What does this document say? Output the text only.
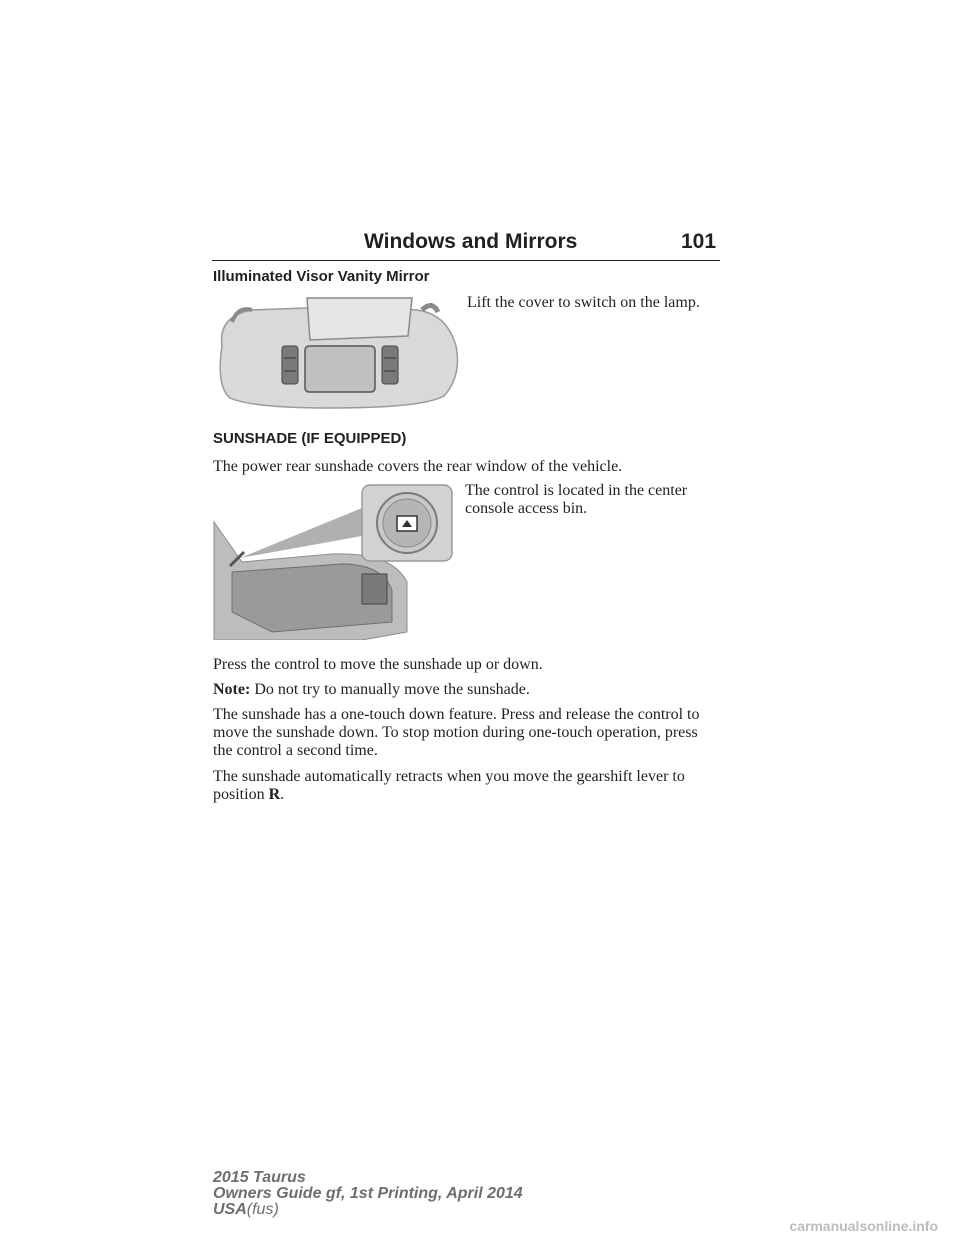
Windows and Mirrors	101
Illuminated Visor Vanity Mirror
Lift the cover to switch on the lamp.
SUNSHADE (IF EQUIPPED)
The power rear sunshade covers the rear window of the vehicle.
The control is located in the center console access bin.
Press the control to move the sunshade up or down.
Note: Do not try to manually move the sunshade.
The sunshade has a one-touch down feature. Press and release the control to move the sunshade down. To stop motion during one-touch operation, press the control a second time.
The sunshade automatically retracts when you move the gearshift lever to position R.
2015 Taurus
Owners Guide gf, 1st Printing, April 2014
USA(fus)
carmanualsonline.info
